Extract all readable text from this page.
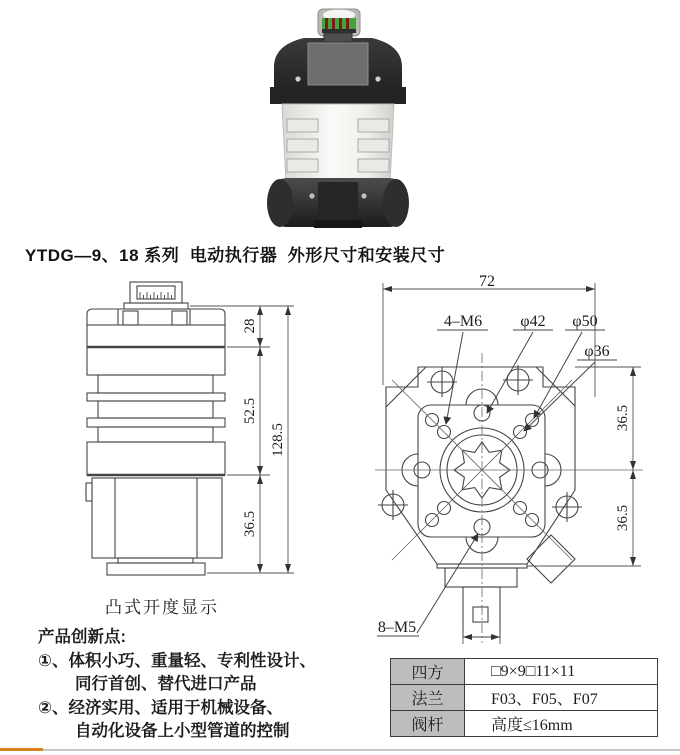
YTDG—9、18 系列  电动执行器  外形尺寸和安装尺寸
28
52.5
36.5
128.5
凸式开度显示
72
4–M6 φ42 φ50
φ36
36.5
36.5
8–M5
产品创新点:
①、体积小巧、重量轻、专利性设计、
同行首创、替代进口产品
②、经济实用、适用于机械设备、
自动化设备上小型管道的控制
四方	□9×9□11×11
法兰	F03、F05、F07
阀杆	高度≤16mm
